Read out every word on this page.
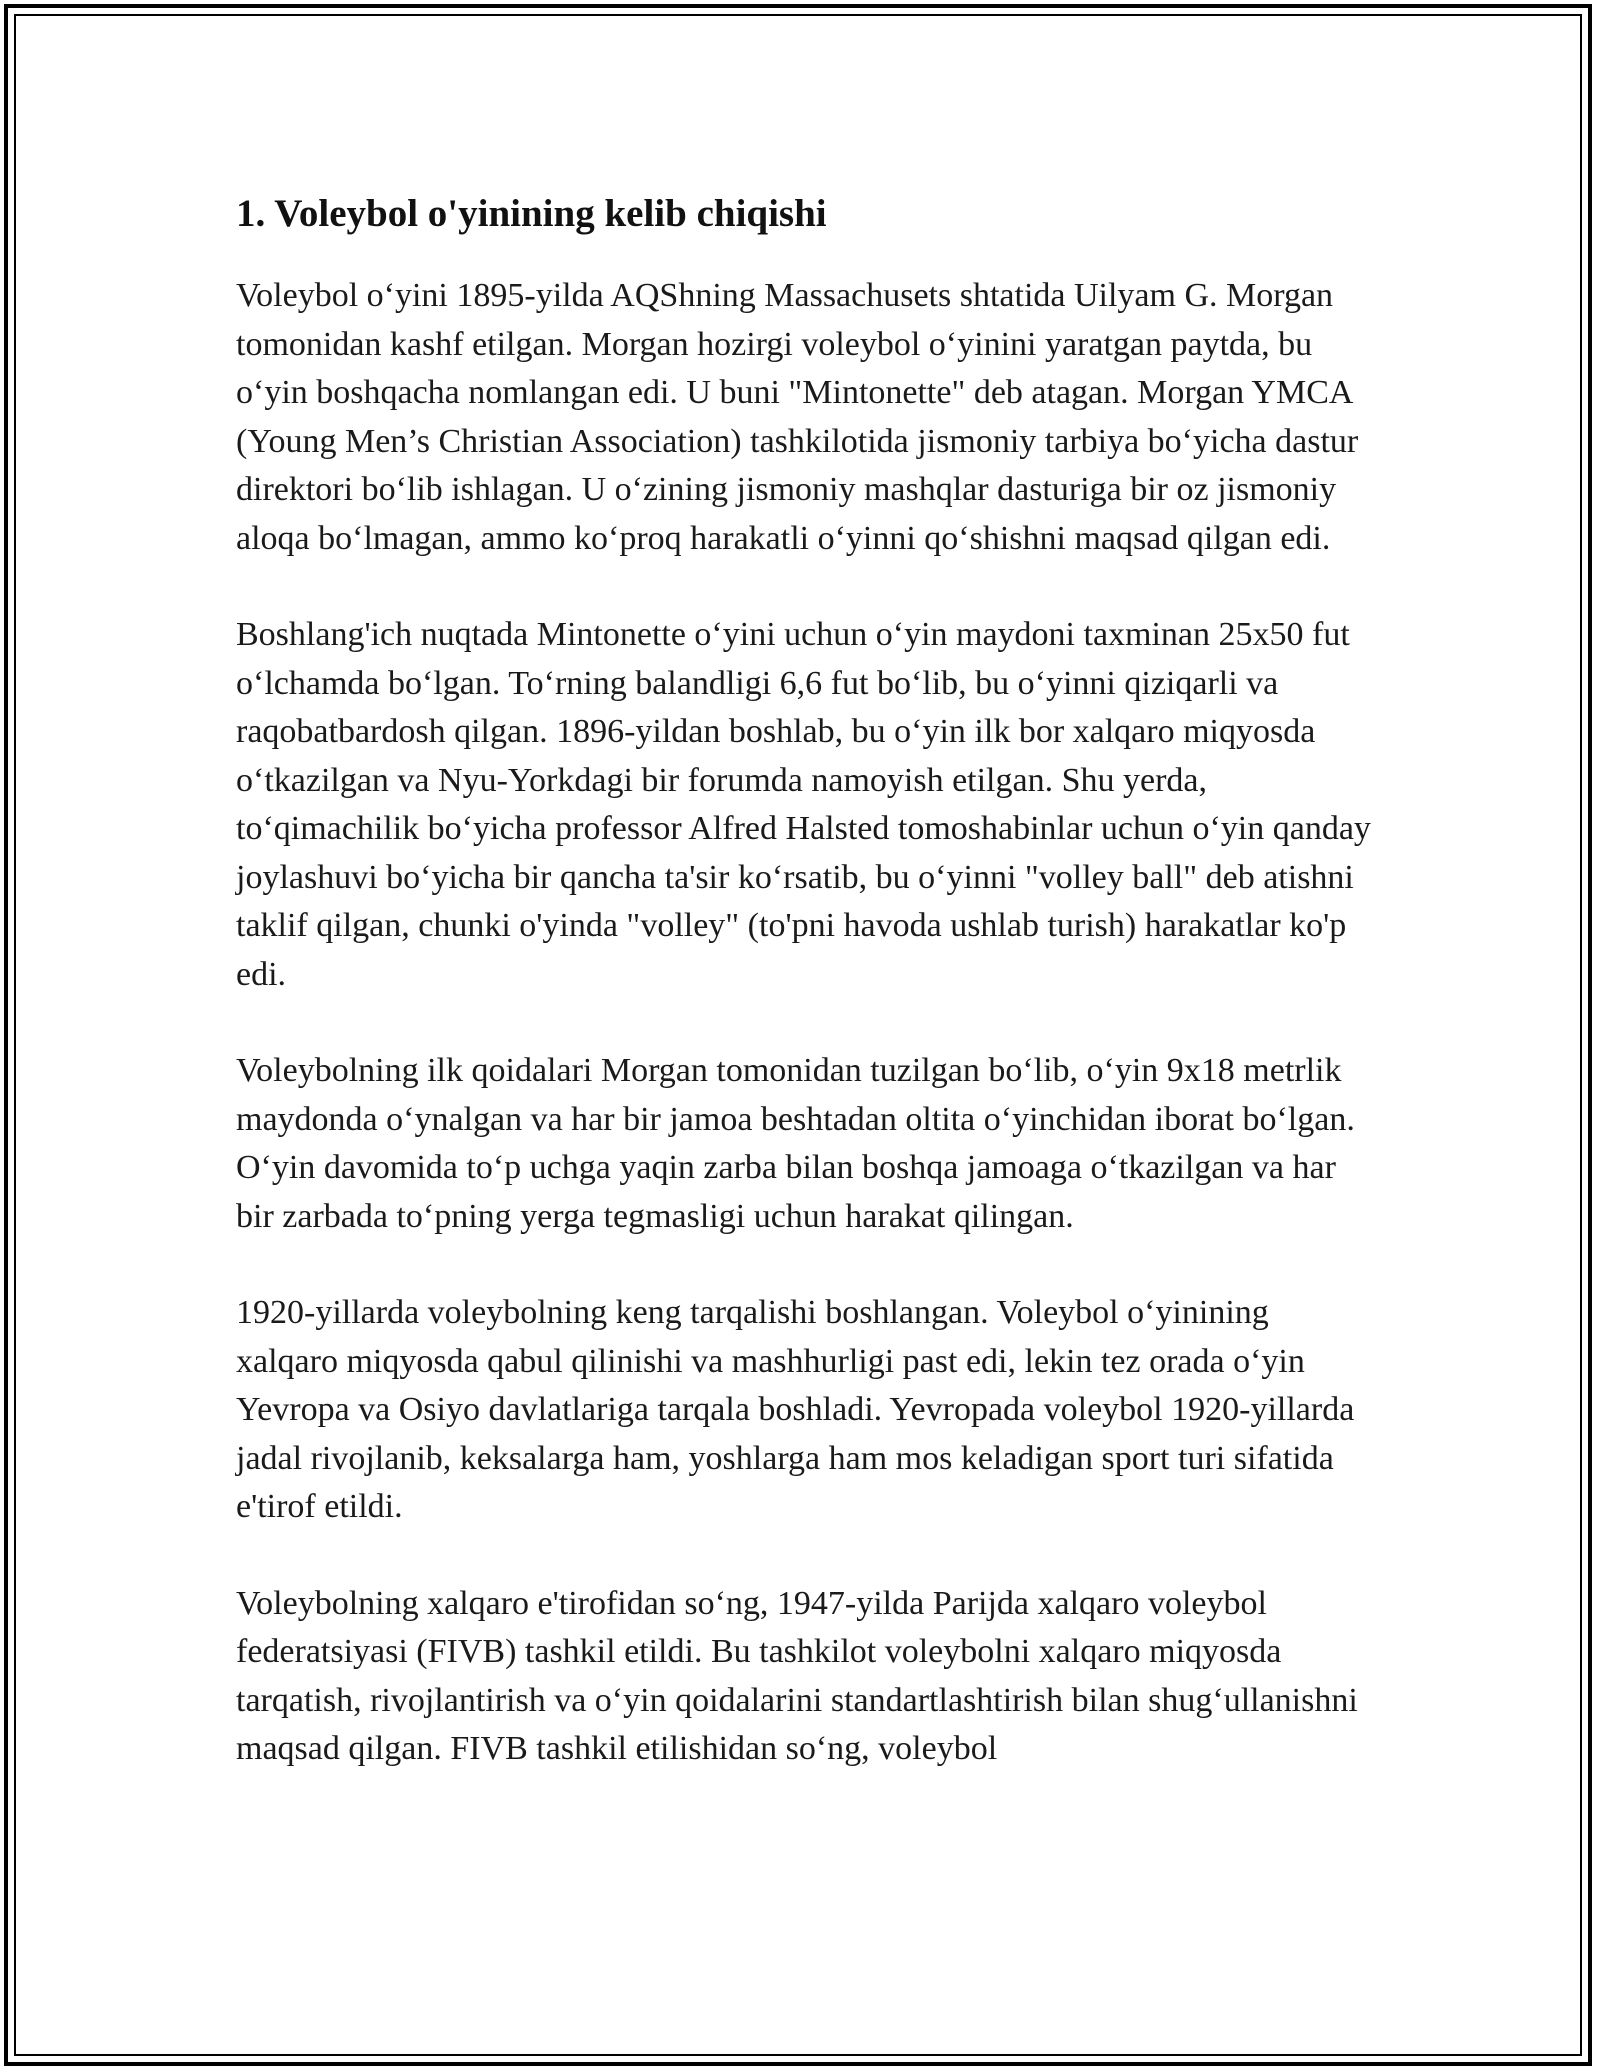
1. Voleybol o'yinining kelib chiqishi

Voleybol o‘yini 1895-yilda AQShning Massachusets shtatida Uilyam G. Morgan tomonidan kashf etilgan. Morgan hozirgi voleybol o‘yinini yaratgan paytda, bu o‘yin boshqacha nomlangan edi. U buni "Mintonette" deb atagan. Morgan YMCA (Young Men’s Christian Association) tashkilotida jismoniy tarbiya bo‘yicha dastur direktori bo‘lib ishlagan. U o‘zining jismoniy mashqlar dasturiga bir oz jismoniy aloqa bo‘lmagan, ammo ko‘proq harakatli o‘yinni qo‘shishni maqsad qilgan edi.

Boshlang'ich nuqtada Mintonette o‘yini uchun o‘yin maydoni taxminan 25x50 fut o‘lchamda bo‘lgan. To‘rning balandligi 6,6 fut bo‘lib, bu o‘yinni qiziqarli va raqobatbardosh qilgan. 1896-yildan boshlab, bu o‘yin ilk bor xalqaro miqyosda o‘tkazilgan va Nyu-Yorkdagi bir forumda namoyish etilgan. Shu yerda, to‘qimachilik bo‘yicha professor Alfred Halsted tomoshabinlar uchun o‘yin qanday joylashuvi bo‘yicha bir qancha ta'sir ko‘rsatib, bu o‘yinni "volley ball" deb atishni taklif qilgan, chunki o'yinda "volley" (to'pni havoda ushlab turish) harakatlar ko'p edi.

Voleybolning ilk qoidalari Morgan tomonidan tuzilgan bo‘lib, o‘yin 9x18 metrlik maydonda o‘ynalgan va har bir jamoa beshtadan oltita o‘yinchidan iborat bo‘lgan. O‘yin davomida to‘p uchga yaqin zarba bilan boshqa jamoaga o‘tkazilgan va har bir zarbada to‘pning yerga tegmasligi uchun harakat qilingan.

1920-yillarda voleybolning keng tarqalishi boshlangan. Voleybol o‘yinining xalqaro miqyosda qabul qilinishi va mashhurligi past edi, lekin tez orada o‘yin Yevropa va Osiyo davlatlariga tarqala boshladi. Yevropada voleybol 1920-yillarda jadal rivojlanib, keksalarga ham, yoshlarga ham mos keladigan sport turi sifatida e'tirof etildi.

Voleybolning xalqaro e'tirofidan so‘ng, 1947-yilda Parijda xalqaro voleybol federatsiyasi (FIVB) tashkil etildi. Bu tashkilot voleybolni xalqaro miqyosda tarqatish, rivojlantirish va o‘yin qoidalarini standartlashtirish bilan shug‘ullanishni maqsad qilgan. FIVB tashkil etilishidan so‘ng, voleybol
